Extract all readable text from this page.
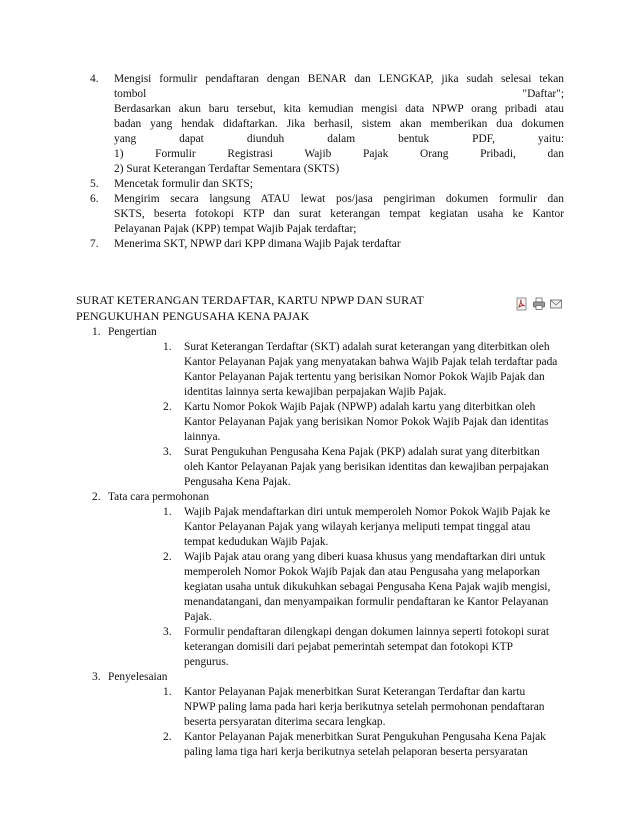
4. Mengisi formulir pendaftaran dengan BENAR dan LENGKAP, jika sudah selesai tekan
tombol "Daftar";
Berdasarkan akun baru tersebut, kita kemudian mengisi data NPWP orang pribadi atau
badan yang hendak didaftarkan. Jika berhasil, sistem akan memberikan dua dokumen
yang dapat diunduh dalam bentuk PDF, yaitu:
1) Formulir Registrasi Wajib Pajak Orang Pribadi, dan
2) Surat Keterangan Terdaftar Sementara (SKTS)
5. Mencetak formulir dan SKTS;
6. Mengirim secara langsung ATAU lewat pos/jasa pengiriman dokumen formulir dan
SKTS, beserta fotokopi KTP dan surat keterangan tempat kegiatan usaha ke Kantor
Pelayanan Pajak (KPP) tempat Wajib Pajak terdaftar;
7. Menerima SKT, NPWP dari KPP dimana Wajib Pajak terdaftar
SURAT KETERANGAN TERDAFTAR, KARTU NPWP DAN SURAT
PENGUKUHAN PENGUSAHA KENA PAJAK
1. Pengertian
1. Surat Keterangan Terdaftar (SKT) adalah surat keterangan yang diterbitkan oleh
Kantor Pelayanan Pajak yang menyatakan bahwa Wajib Pajak telah terdaftar pada
Kantor Pelayanan Pajak tertentu yang berisikan Nomor Pokok Wajib Pajak dan
identitas lainnya serta kewajiban perpajakan Wajib Pajak.
2. Kartu Nomor Pokok Wajib Pajak (NPWP) adalah kartu yang diterbitkan oleh
Kantor Pelayanan Pajak yang berisikan Nomor Pokok Wajib Pajak dan identitas
lainnya.
3. Surat Pengukuhan Pengusaha Kena Pajak (PKP) adalah surat yang diterbitkan
oleh Kantor Pelayanan Pajak yang berisikan identitas dan kewajiban perpajakan
Pengusaha Kena Pajak.
2. Tata cara permohonan
1. Wajib Pajak mendaftarkan diri untuk memperoleh Nomor Pokok Wajib Pajak ke
Kantor Pelayanan Pajak yang wilayah kerjanya meliputi tempat tinggal atau
tempat kedudukan Wajib Pajak.
2. Wajib Pajak atau orang yang diberi kuasa khusus yang mendaftarkan diri untuk
memperoleh Nomor Pokok Wajib Pajak dan atau Pengusaha yang melaporkan
kegiatan usaha untuk dikukuhkan sebagai Pengusaha Kena Pajak wajib mengisi,
menandatangani, dan menyampaikan formulir pendaftaran ke Kantor Pelayanan
Pajak.
3. Formulir pendaftaran dilengkapi dengan dokumen lainnya seperti fotokopi surat
keterangan domisili dari pejabat pemerintah setempat dan fotokopi KTP
pengurus.
3. Penyelesaian
1. Kantor Pelayanan Pajak menerbitkan Surat Keterangan Terdaftar dan kartu
NPWP paling lama pada hari kerja berikutnya setelah permohonan pendaftaran
beserta persyaratan diterima secara lengkap.
2. Kantor Pelayanan Pajak menerbitkan Surat Pengukuhan Pengusaha Kena Pajak
paling lama tiga hari kerja berikutnya setelah pelaporan beserta persyaratan
